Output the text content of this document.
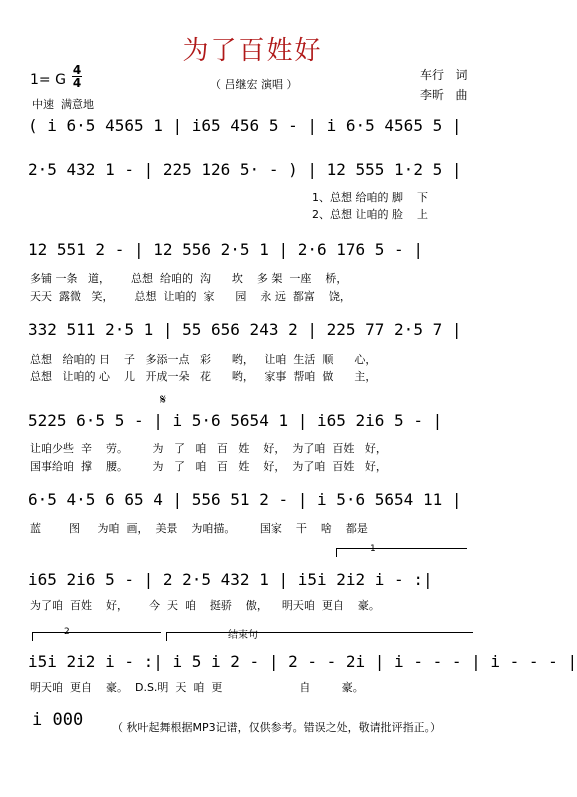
为了百姓好
1= G
4
4	（ 吕继宏 演唱 ）
车行   词
李昕   曲
中速  满意地
( i 6·5 4565 1 | i65 456 5 - | i 6·5 4565 5 |
2·5 432 1 - | 225 126 5· - ) | 12 555 1·2 5 |
1、总想 给咱的 脚    下
2、总想 让咱的 脸    上
12 551 2 - | 12 556 2·5 1 | 2·6 176 5 - |
多铺 一条   道，      总想  给咱的  沟      坎    多 架  一座    桥，
天天  露微   笑，      总想  让咱的  家      园    永 远  都富    饶，
332 511 2·5 1 | 55 656 243 2 | 225 77 2·5 7 |
总想   给咱的 日    子   多添一点   彩      哟，   让咱  生活  顺      心，
总想   让咱的 心    儿   开成一朵   花      哟，   家事  帮咱  做      主，
𝄋
5225 6·5 5 - | i 5·6 5654 1 | i65 2i6 5 - |
让咱少些  辛    劳。       为   了   咱   百   姓    好，  为了咱  百姓   好，
国事给咱  撑    腰。       为   了   咱   百   姓    好，  为了咱  百姓   好，
6·5 4·5 6 65 4 | 556 51 2 - | i 5·6 5654 11 |
蓝        图     为咱  画，  美景    为咱描。       国家    干    啥    都是
1
i65 2i6 5 - | 2 2·5 432 1 | i5i 2i2 i - :|
为了咱  百姓    好，      今  天  咱    挺骄    傲，    明天咱  更自    豪。
2	结束句
i5i 2i2 i - :| i 5 i 2 - | 2 - - 2i | i - - - | i - - - |
明天咱  更自    豪。  D.S.明  天  咱  更                      自         豪。
i 000	（ 秋叶起舞根据MP3记谱，仅供参考。错误之处，敬请批评指正。）
